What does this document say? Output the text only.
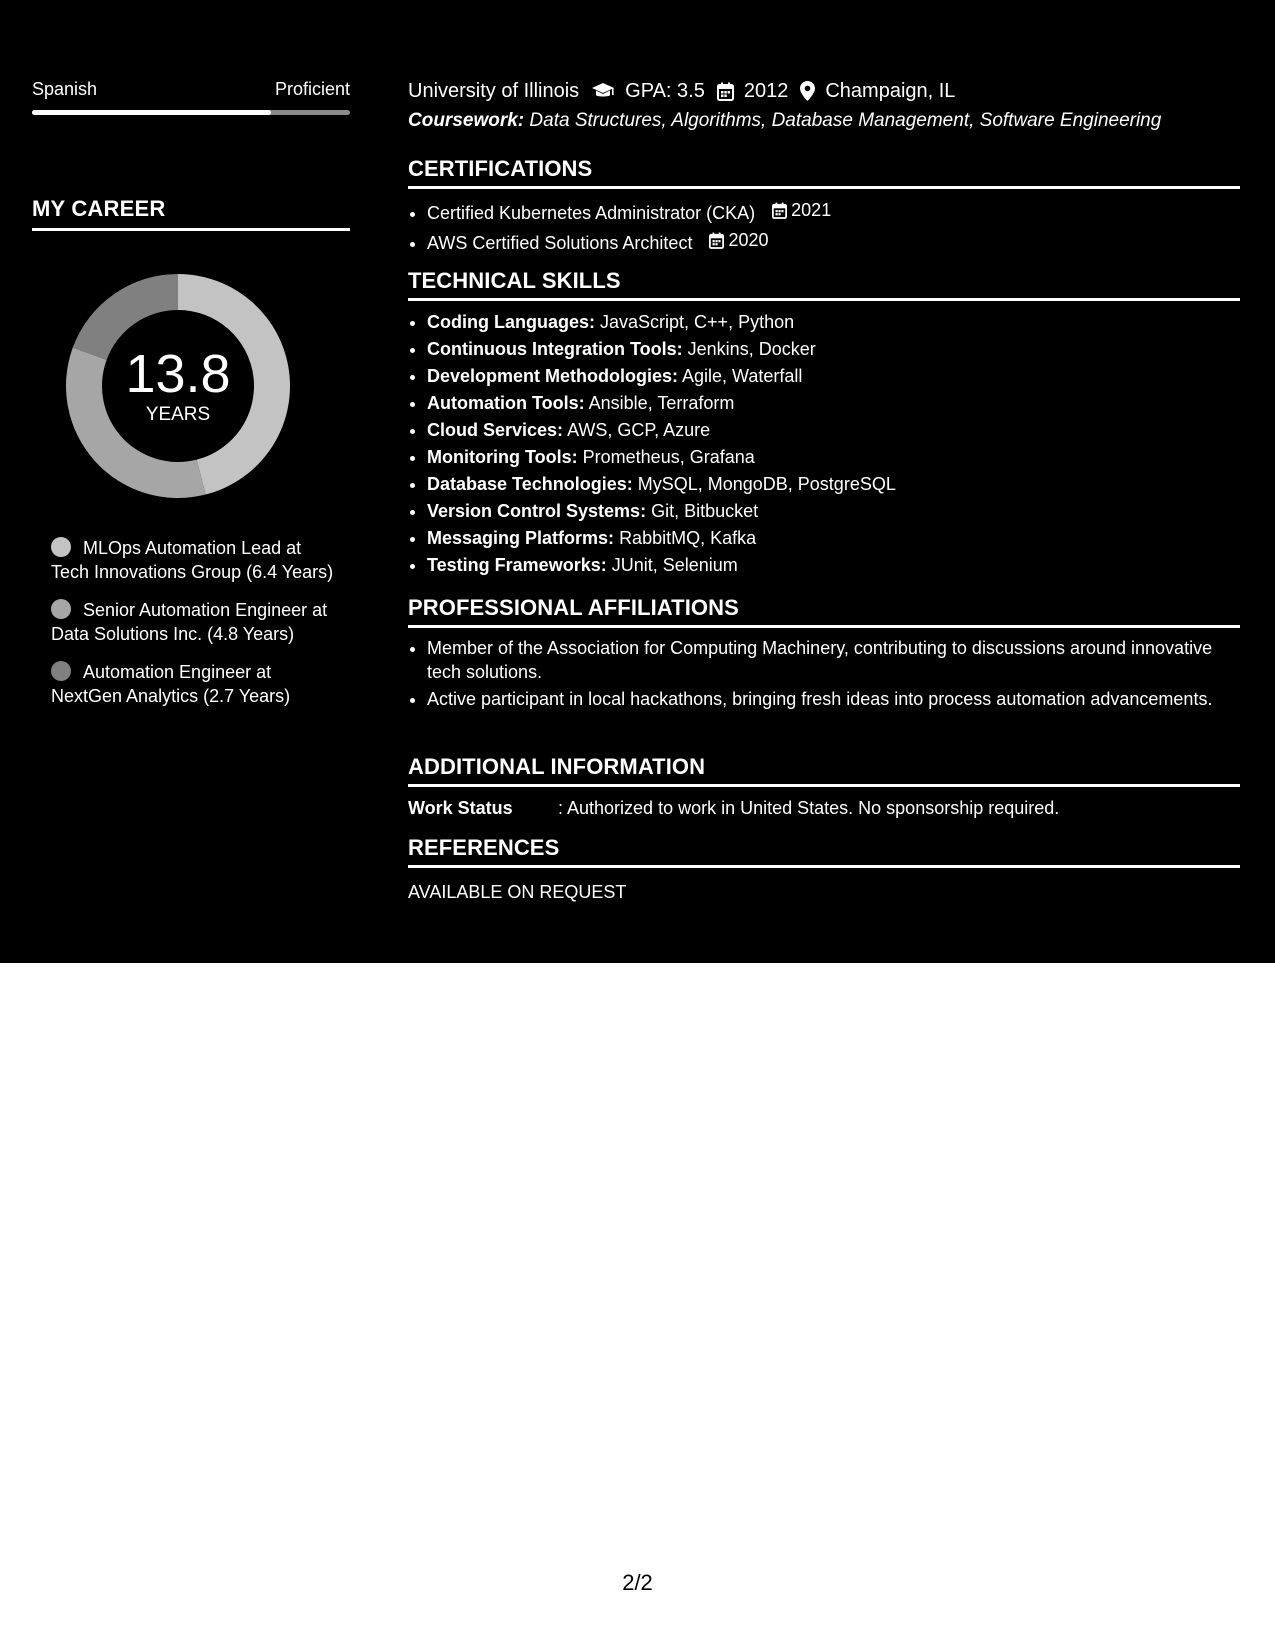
Spanish	Proficient
MY CAREER
13.8
YEARS
MLOps Automation Lead at Tech Innovations Group (6.4 Years)
Senior Automation Engineer at Data Solutions Inc. (4.8 Years)
Automation Engineer at NextGen Analytics (2.7 Years)
University of Illinois GPA: 3.5 2012 Champaign, IL
Coursework: Data Structures, Algorithms, Database Management, Software Engineering
CERTIFICATIONS
• Certified Kubernetes Administrator (CKA) 2021
• AWS Certified Solutions Architect 2020
TECHNICAL SKILLS
• Coding Languages: JavaScript, C++, Python
• Continuous Integration Tools: Jenkins, Docker
• Development Methodologies: Agile, Waterfall
• Automation Tools: Ansible, Terraform
• Cloud Services: AWS, GCP, Azure
• Monitoring Tools: Prometheus, Grafana
• Database Technologies: MySQL, MongoDB, PostgreSQL
• Version Control Systems: Git, Bitbucket
• Messaging Platforms: RabbitMQ, Kafka
• Testing Frameworks: JUnit, Selenium
PROFESSIONAL AFFILIATIONS
• Member of the Association for Computing Machinery, contributing to discussions around innovative tech solutions.
• Active participant in local hackathons, bringing fresh ideas into process automation advancements.
ADDITIONAL INFORMATION
Work Status	: Authorized to work in United States. No sponsorship required.
REFERENCES
AVAILABLE ON REQUEST
2/2
